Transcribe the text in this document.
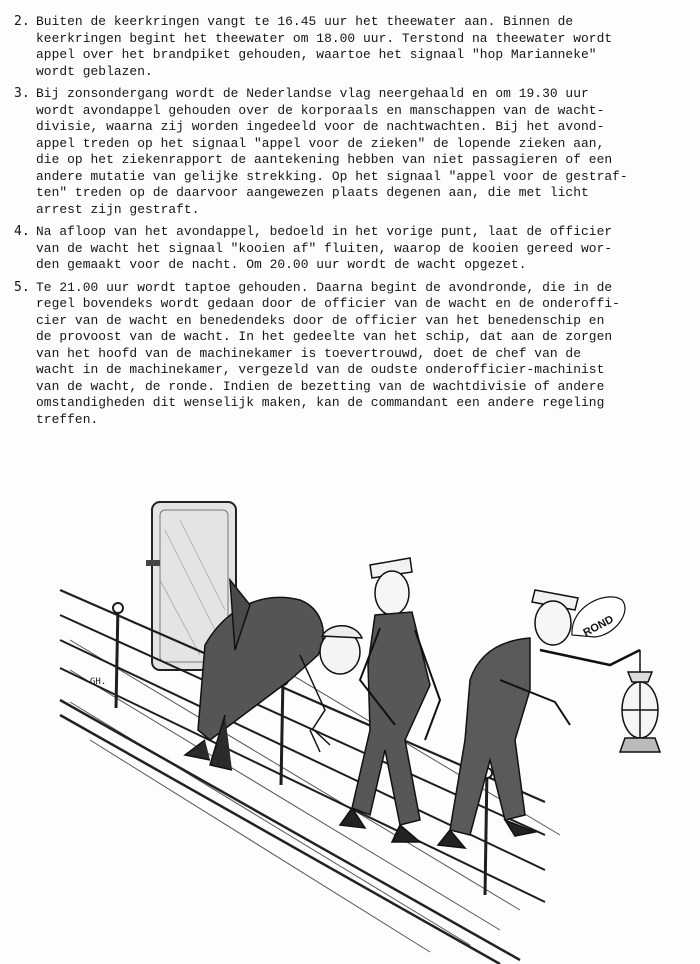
2. Buiten de keerkringen vangt te 16.45 uur het theewater aan. Binnen de
keerkringen begint het theewater om 18.00 uur. Terstond na theewater wordt
appel over het brandpiket gehouden, waartoe het signaal "hop Marianneke"
wordt geblazen.
3. Bij zonsondergang wordt de Nederlandse vlag neergehaald en om 19.30 uur
wordt avondappel gehouden over de korporaals en manschappen van de wacht-
divisie, waarna zij worden ingedeeld voor de nachtwachten. Bij het avond-
appel treden op het signaal "appel voor de zieken" de lopende zieken aan,
die op het ziekenrapport de aantekening hebben van niet passagieren of een
andere mutatie van gelijke strekking. Op het signaal "appel voor de gestraf-
ten" treden op de daarvoor aangewezen plaats degenen aan, die met licht
arrest zijn gestraft.
4. Na afloop van het avondappel, bedoeld in het vorige punt, laat de officier
van de wacht het signaal "kooien af" fluiten, waarop de kooien gereed wor-
den gemaakt voor de nacht. Om 20.00 uur wordt de wacht opgezet.
5. Te 21.00 uur wordt taptoe gehouden. Daarna begint de avondronde, die in de
regel bovendeks wordt gedaan door de officier van de wacht en de onderoffi-
cier van de wacht en benedendeks door de officier van het benedenschip en
de provoost van de wacht. In het gedeelte van het schip, dat aan de zorgen
van het hoofd van de machinekamer is toevertrouwd, doet de chef van de
wacht in de machinekamer, vergezeld van de oudste onderofficier-machinist
van de wacht, de ronde. Indien de bezetting van de wachtdivisie of andere
omstandigheden dit wenselijk maken, kan de commandant een andere regeling
treffen.
ROND
GH.
